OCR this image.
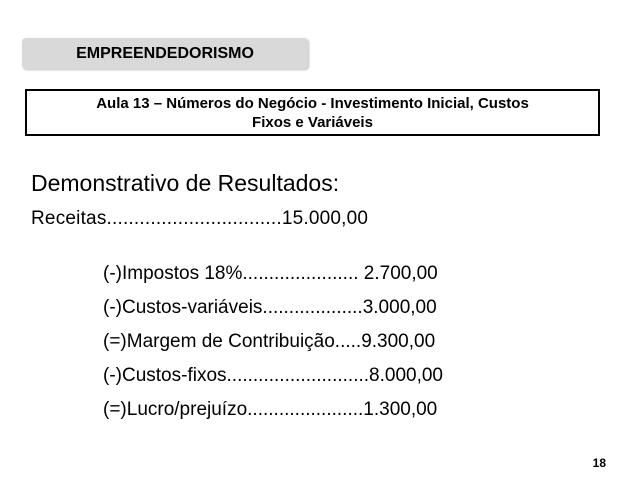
EMPREENDEDORISMO
Aula 13 – Números do Negócio - Investimento Inicial, Custos
Fixos e Variáveis
Demonstrativo de Resultados:
Receitas................................15.000,00
(-)Impostos 18%...................... 2.700,00
(-)Custos-variáveis...................3.000,00
(=)Margem de Contribuição.....9.300,00
(-)Custos-fixos...........................8.000,00
(=)Lucro/prejuízo......................1.300,00
18
